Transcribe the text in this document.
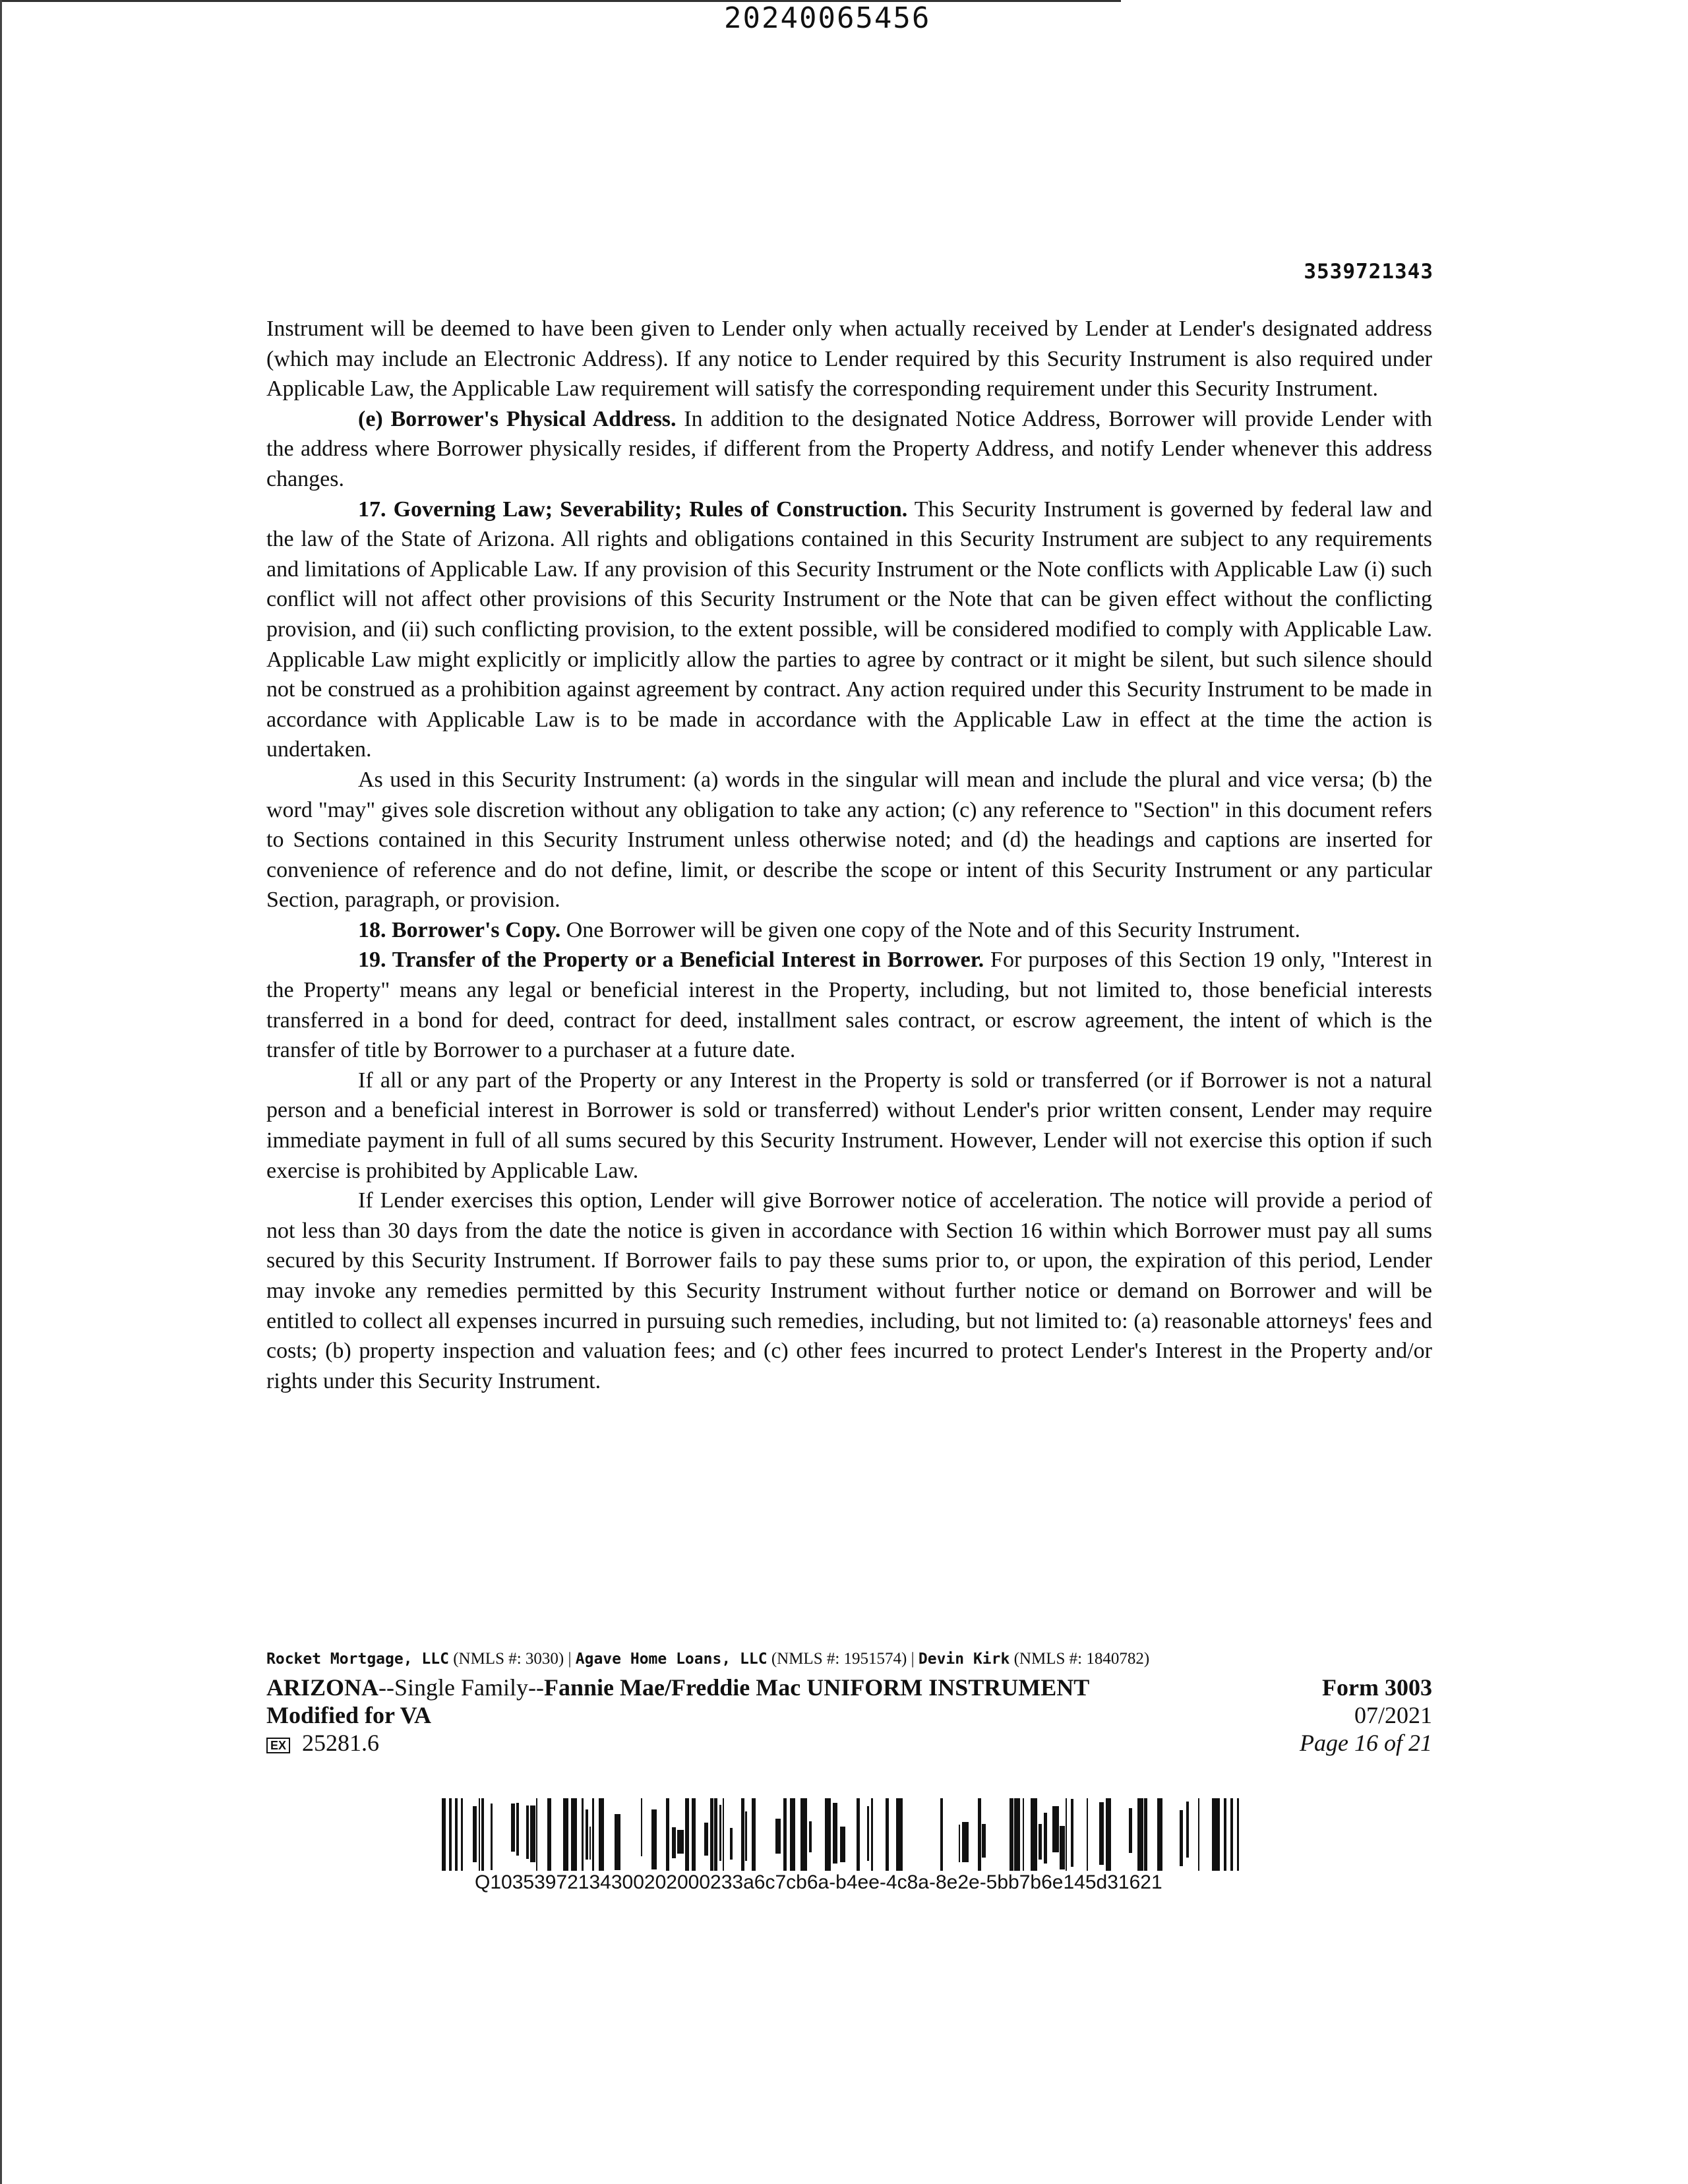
20240065456
3539721343

Instrument will be deemed to have been given to Lender only when actually received by Lender at Lender's designated address (which may include an Electronic Address). If any notice to Lender required by this Security Instrument is also required under Applicable Law, the Applicable Law requirement will satisfy the corresponding requirement under this Security Instrument.

(e) Borrower's Physical Address. In addition to the designated Notice Address, Borrower will provide Lender with the address where Borrower physically resides, if different from the Property Address, and notify Lender whenever this address changes.

17. Governing Law; Severability; Rules of Construction. This Security Instrument is governed by federal law and the law of the State of Arizona. All rights and obligations contained in this Security Instrument are subject to any requirements and limitations of Applicable Law. If any provision of this Security Instrument or the Note conflicts with Applicable Law (i) such conflict will not affect other provisions of this Security Instrument or the Note that can be given effect without the conflicting provision, and (ii) such conflicting provision, to the extent possible, will be considered modified to comply with Applicable Law. Applicable Law might explicitly or implicitly allow the parties to agree by contract or it might be silent, but such silence should not be construed as a prohibition against agreement by contract. Any action required under this Security Instrument to be made in accordance with Applicable Law is to be made in accordance with the Applicable Law in effect at the time the action is undertaken.

As used in this Security Instrument: (a) words in the singular will mean and include the plural and vice versa; (b) the word "may" gives sole discretion without any obligation to take any action; (c) any reference to "Section" in this document refers to Sections contained in this Security Instrument unless otherwise noted; and (d) the headings and captions are inserted for convenience of reference and do not define, limit, or describe the scope or intent of this Security Instrument or any particular Section, paragraph, or provision.

18. Borrower's Copy. One Borrower will be given one copy of the Note and of this Security Instrument.

19. Transfer of the Property or a Beneficial Interest in Borrower. For purposes of this Section 19 only, "Interest in the Property" means any legal or beneficial interest in the Property, including, but not limited to, those beneficial interests transferred in a bond for deed, contract for deed, installment sales contract, or escrow agreement, the intent of which is the transfer of title by Borrower to a purchaser at a future date.

If all or any part of the Property or any Interest in the Property is sold or transferred (or if Borrower is not a natural person and a beneficial interest in Borrower is sold or transferred) without Lender's prior written consent, Lender may require immediate payment in full of all sums secured by this Security Instrument. However, Lender will not exercise this option if such exercise is prohibited by Applicable Law.

If Lender exercises this option, Lender will give Borrower notice of acceleration. The notice will provide a period of not less than 30 days from the date the notice is given in accordance with Section 16 within which Borrower must pay all sums secured by this Security Instrument. If Borrower fails to pay these sums prior to, or upon, the expiration of this period, Lender may invoke any remedies permitted by this Security Instrument without further notice or demand on Borrower and will be entitled to collect all expenses incurred in pursuing such remedies, including, but not limited to: (a) reasonable attorneys' fees and costs; (b) property inspection and valuation fees; and (c) other fees incurred to protect Lender's Interest in the Property and/or rights under this Security Instrument.

Rocket Mortgage, LLC (NMLS #: 3030) | Agave Home Loans, LLC (NMLS #: 1951574) | Devin Kirk (NMLS #: 1840782)
ARIZONA--Single Family--Fannie Mae/Freddie Mac UNIFORM INSTRUMENT
Modified for VA
EX 25281.6
Form 3003
07/2021
Page 16 of 21
Q10353972134300202000233a6c7cb6a-b4ee-4c8a-8e2e-5bb7b6e145d31621
